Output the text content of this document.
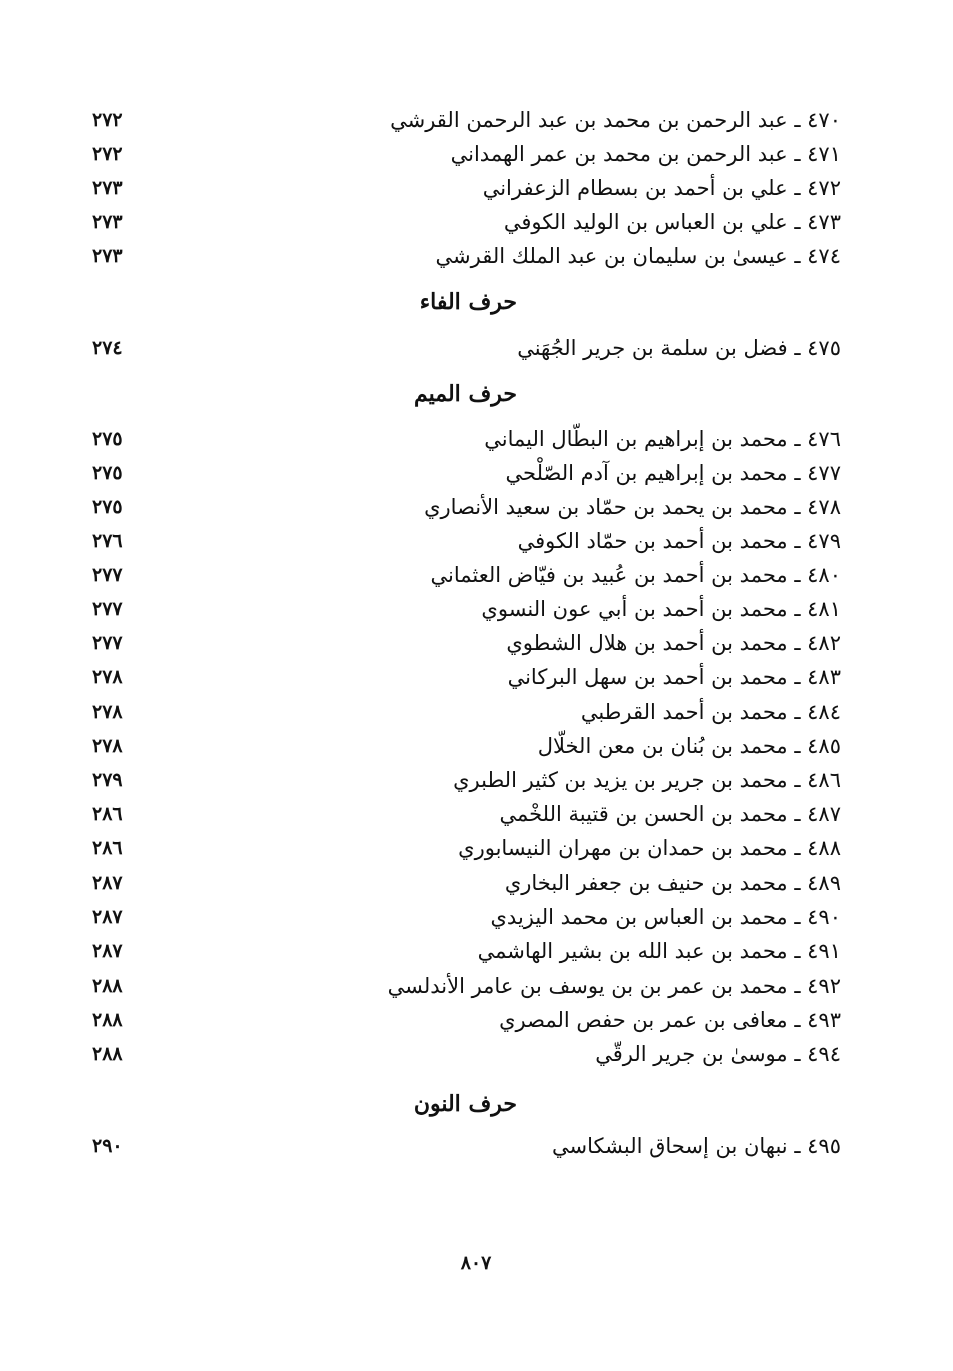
٤٧٠ ـ عبد الرحمن بن محمد بن عبد الرحمن القرشي
٢٧٢
٤٧١ ـ عبد الرحمن بن محمد بن عمر الهمداني
٢٧٢
٤٧٢ ـ علي بن أحمد بن بسطام الزعفراني
٢٧٣
٤٧٣ ـ علي بن العباس بن الوليد الكوفي
٢٧٣
٤٧٤ ـ عيسىٰ بن سليمان بن عبد الملك القرشي
٢٧٣
حرف الفاء
٤٧٥ ـ فضل بن سلمة بن جرير الجُهَني
٢٧٤
حرف الميم
٤٧٦ ـ محمد بن إبراهيم بن البطّال اليماني
٢٧٥
٤٧٧ ـ محمد بن إبراهيم بن آدم الصّلْحي
٢٧٥
٤٧٨ ـ محمد بن يحمد بن حمّاد بن سعيد الأنصاري
٢٧٥
٤٧٩ ـ محمد بن أحمد بن حمّاد الكوفي
٢٧٦
٤٨٠ ـ محمد بن أحمد بن عُبيد بن فيّاض العثماني
٢٧٧
٤٨١ ـ محمد بن أحمد بن أبي عون النسوي
٢٧٧
٤٨٢ ـ محمد بن أحمد بن هلال الشطوي
٢٧٧
٤٨٣ ـ محمد بن أحمد بن سهل البركاني
٢٧٨
٤٨٤ ـ محمد بن أحمد القرطبي
٢٧٨
٤٨٥ ـ محمد بن بُنان بن معن الخلّال
٢٧٨
٤٨٦ ـ محمد بن جرير بن يزيد بن كثير الطبري
٢٧٩
٤٨٧ ـ محمد بن الحسن بن قتيبة اللخْمي
٢٨٦
٤٨٨ ـ محمد بن حمدان بن مهران النيسابوري
٢٨٦
٤٨٩ ـ محمد بن حنيف بن جعفر البخاري
٢٨٧
٤٩٠ ـ محمد بن العباس بن محمد اليزيدي
٢٨٧
٤٩١ ـ محمد بن عبد الله بن بشير الهاشمي
٢٨٧
٤٩٢ ـ محمد بن عمر بن بن يوسف بن عامر الأندلسي
٢٨٨
٤٩٣ ـ معافى بن عمر بن حفص المصري
٢٨٨
٤٩٤ ـ موسىٰ بن جرير الرقّي
٢٨٨
حرف النون
٤٩٥ ـ نبهان بن إسحاق البشكاسي
٢٩٠
٨٠٧
